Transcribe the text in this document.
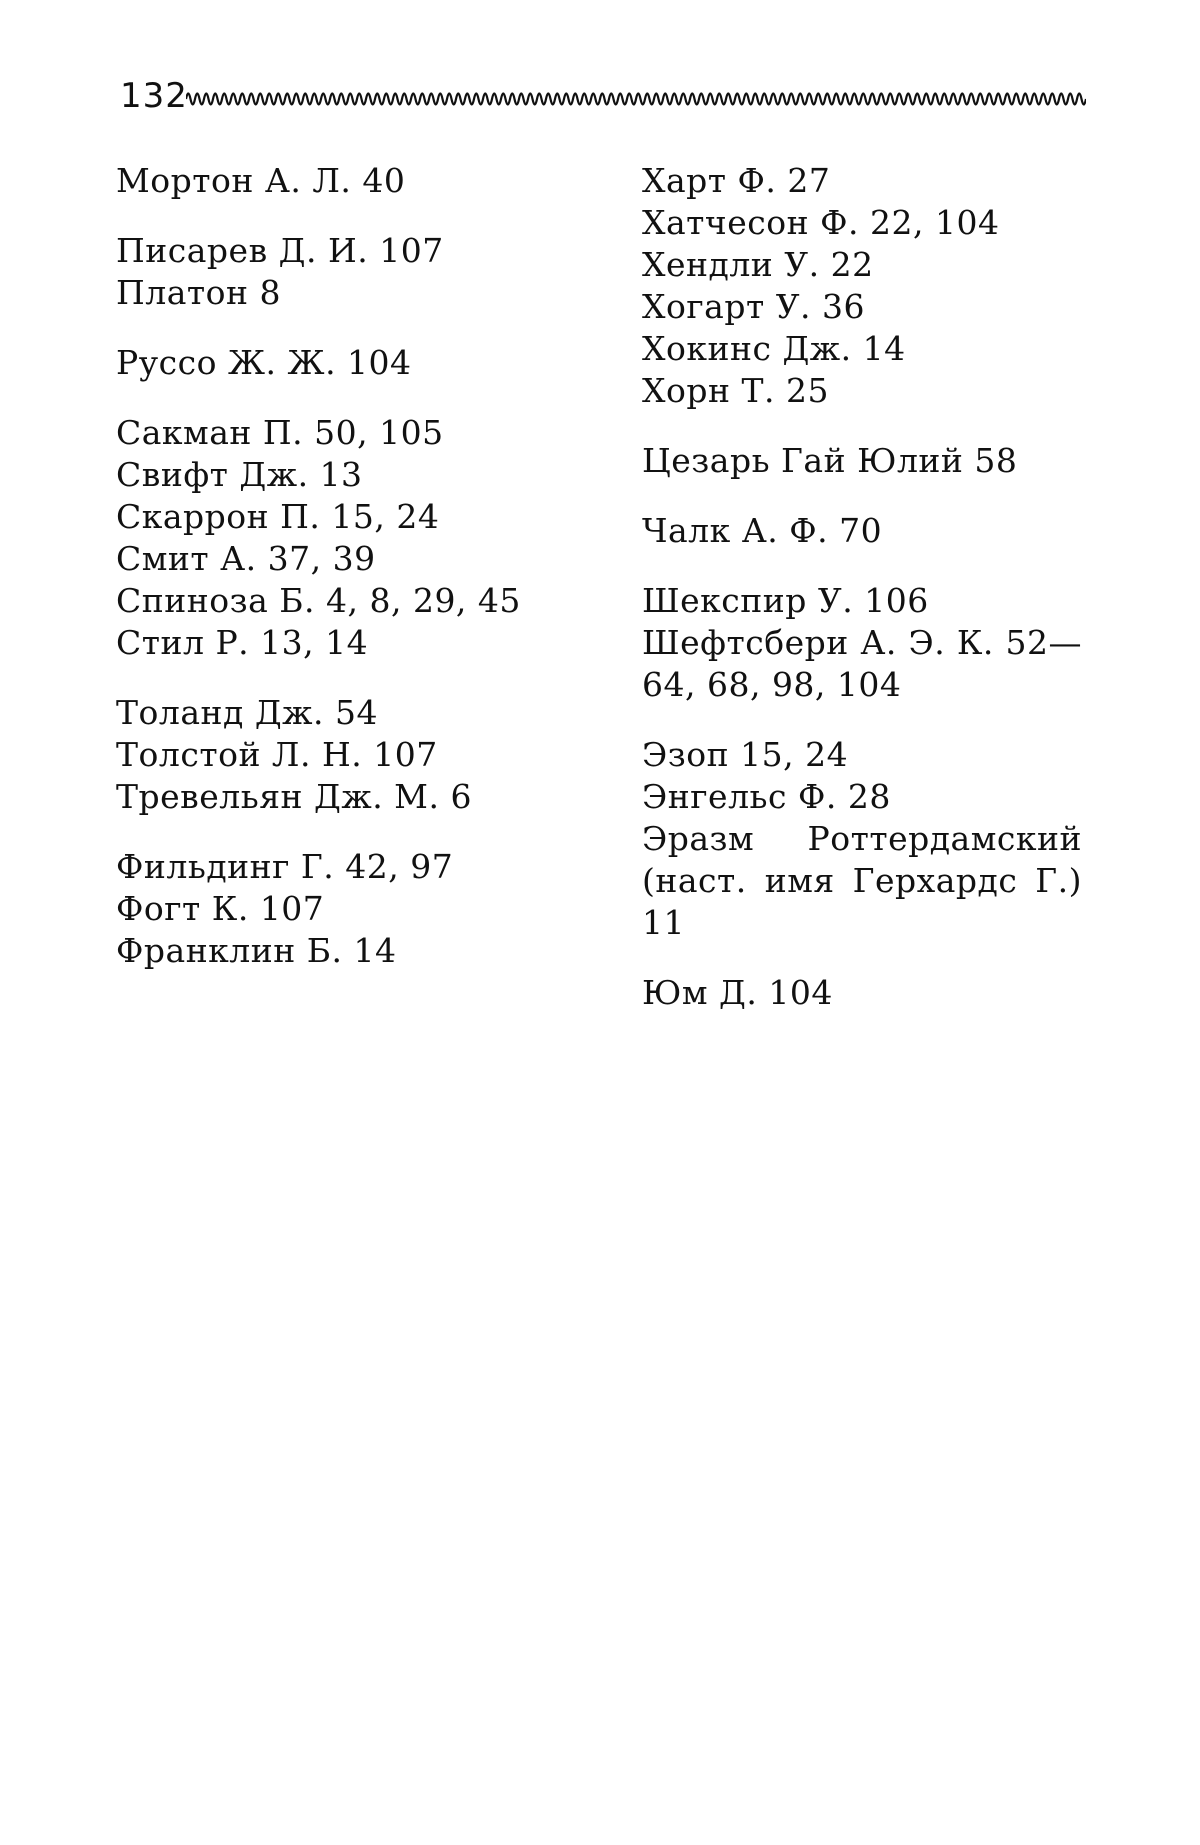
132
Мортон А. Л. 40
Писарев Д. И. 107
Платон 8
Руссо Ж. Ж. 104
Сакман П. 50, 105
Свифт Дж. 13
Скаррон П. 15, 24
Смит А. 37, 39
Спиноза Б. 4, 8, 29, 45
Стил Р. 13, 14
Толанд Дж. 54
Толстой Л. Н. 107
Тревельян Дж. М. 6
Фильдинг Г. 42, 97
Фогт К. 107
Франклин Б. 14
Харт Ф. 27
Хатчесон Ф. 22, 104
Хендли У. 22
Хогарт У. 36
Хокинс Дж. 14
Хорн Т. 25
Цезарь Гай Юлий 58
Чалк А. Ф. 70
Шекспир У. 106
Шефтсбери А. Э. К. 52—64, 68, 98, 104
Эзоп 15, 24
Энгельс Ф. 28
Эразм Роттердамский (наст. имя Герхардс Г.) 11
Юм Д. 104
